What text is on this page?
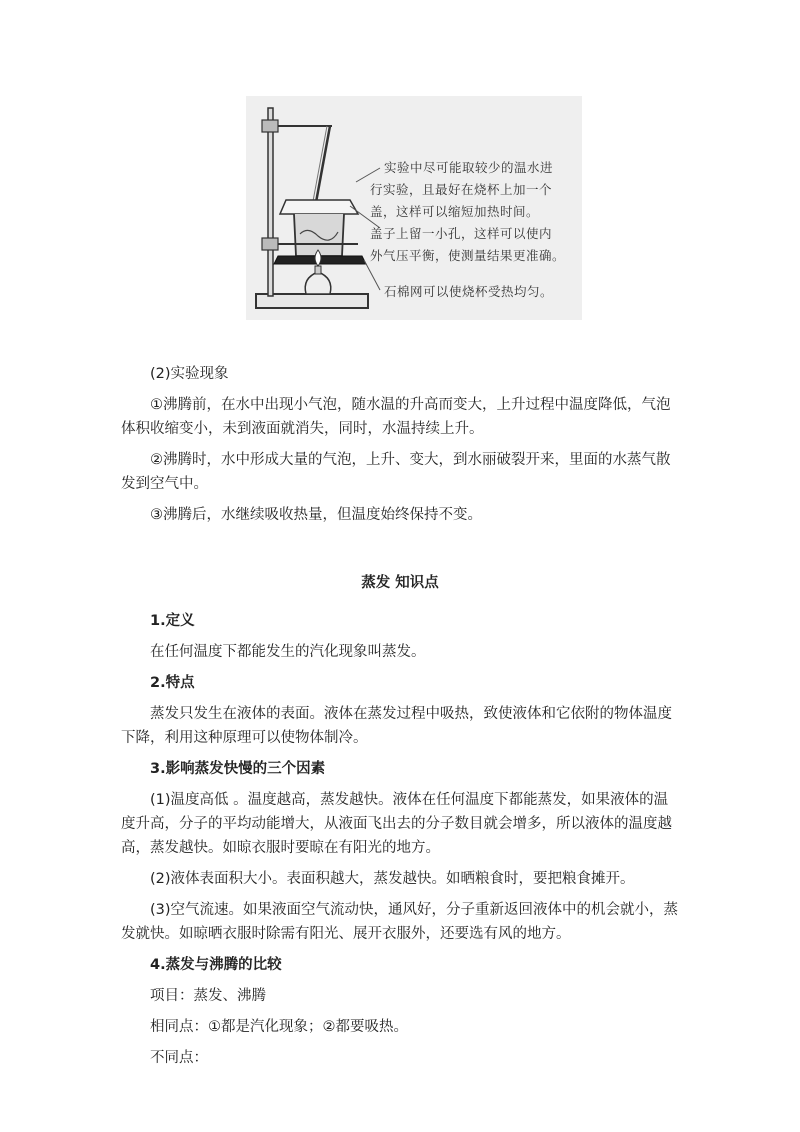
实验中尽可能取较少的温水进
行实验，且最好在烧杯上加一个
盖，这样可以缩短加热时间。
盖子上留一小孔，这样可以使内
外气压平衡，使测量结果更准确。
石棉网可以使烧杯受热均匀。

(2)实验现象

①沸腾前，在水中出现小气泡，随水温的升高而变大，上升过程中温度降低，气泡体积收缩变小，未到液面就消失，同时，水温持续上升。

②沸腾时，水中形成大量的气泡，上升、变大，到水丽破裂开来，里面的水蒸气散发到空气中。

③沸腾后，水继续吸收热量，但温度始终保持不变。

蒸发 知识点

1.定义

在任何温度下都能发生的汽化现象叫蒸发。

2.特点

蒸发只发生在液体的表面。液体在蒸发过程中吸热，致使液体和它依附的物体温度下降，利用这种原理可以使物体制冷。

3.影响蒸发快慢的三个因素

(1)温度高低 。温度越高，蒸发越快。液体在任何温度下都能蒸发，如果液体的温度升高，分子的平均动能增大，从液面飞出去的分子数目就会增多，所以液体的温度越高，蒸发越快。如晾衣服时要晾在有阳光的地方。

(2)液体表面积大小。表面积越大，蒸发越快。如晒粮食时，要把粮食摊开。

(3)空气流速。如果液面空气流动快，通风好，分子重新返回液体中的机会就小，蒸发就快。如晾晒衣服时除需有阳光、展开衣服外，还要选有风的地方。

4.蒸发与沸腾的比较

项目：蒸发、沸腾

相同点：①都是汽化现象；②都要吸热。

不同点：
